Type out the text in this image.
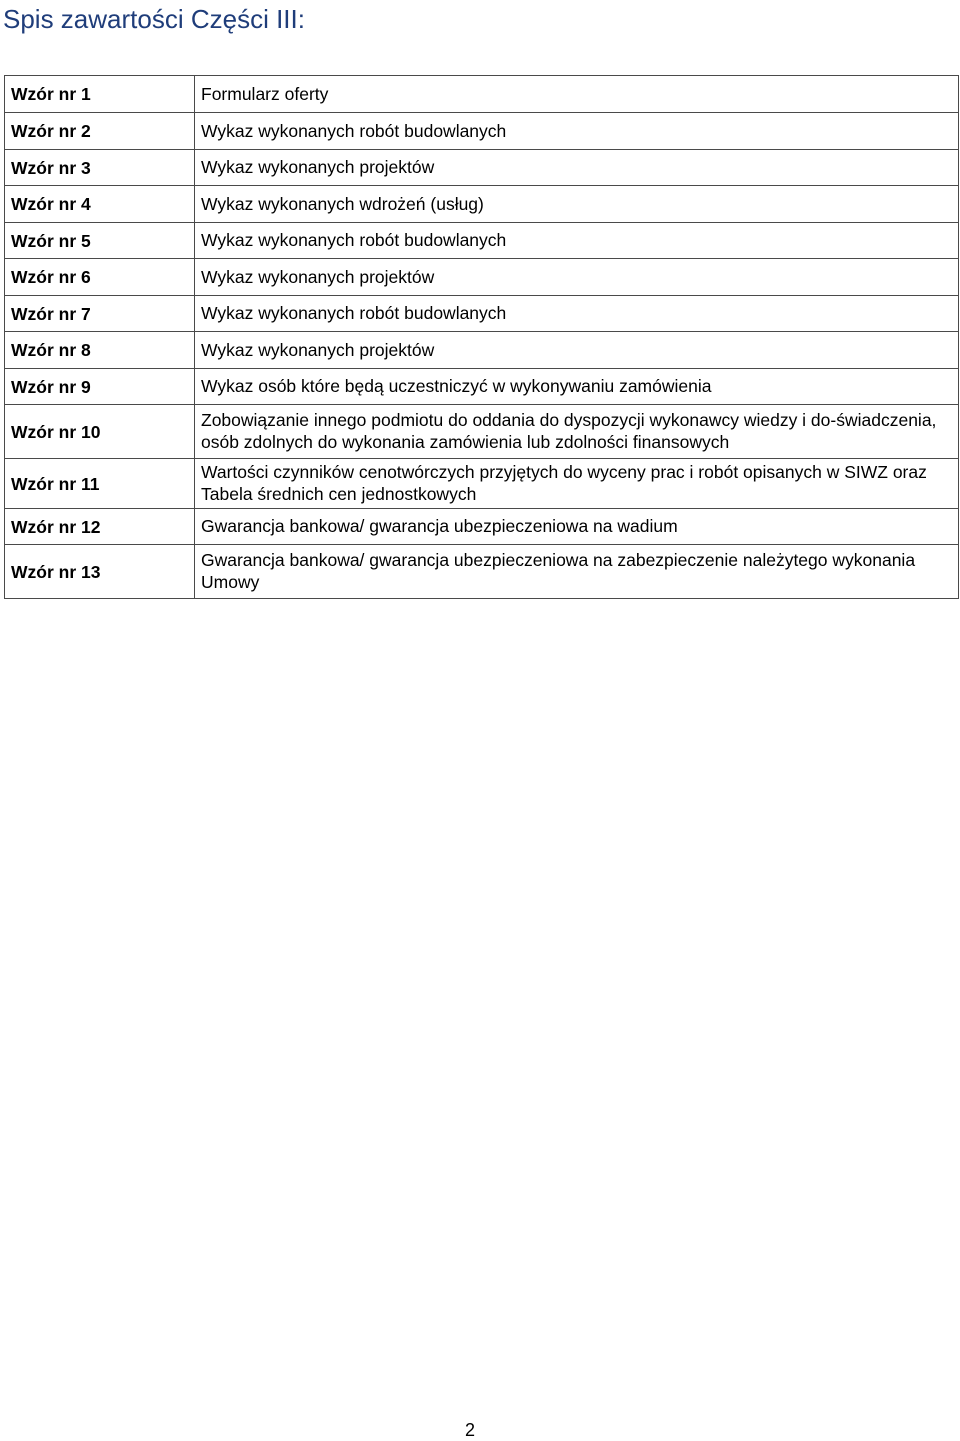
Spis zawartości Części III:
Wzór nr 1	Formularz oferty
Wzór nr 2	Wykaz wykonanych robót budowlanych
Wzór nr 3	Wykaz wykonanych projektów
Wzór nr 4	Wykaz wykonanych wdrożeń (usług)
Wzór nr 5	Wykaz wykonanych robót budowlanych
Wzór nr 6	Wykaz wykonanych projektów
Wzór nr 7	Wykaz wykonanych robót budowlanych
Wzór nr 8	Wykaz wykonanych projektów
Wzór nr 9	Wykaz osób które będą uczestniczyć w wykonywaniu zamówienia
Wzór nr 10	Zobowiązanie innego podmiotu do oddania do dyspozycji wykonawcy wiedzy i do-świadczenia, osób zdolnych do wykonania zamówienia lub zdolności finansowych
Wzór nr 11	Wartości czynników cenotwórczych przyjętych do wyceny prac i robót opisanych w SIWZ oraz Tabela średnich cen jednostkowych
Wzór nr 12	Gwarancja bankowa/ gwarancja ubezpieczeniowa na wadium
Wzór nr 13	Gwarancja bankowa/ gwarancja ubezpieczeniowa na zabezpieczenie należytego wykonania Umowy
2
